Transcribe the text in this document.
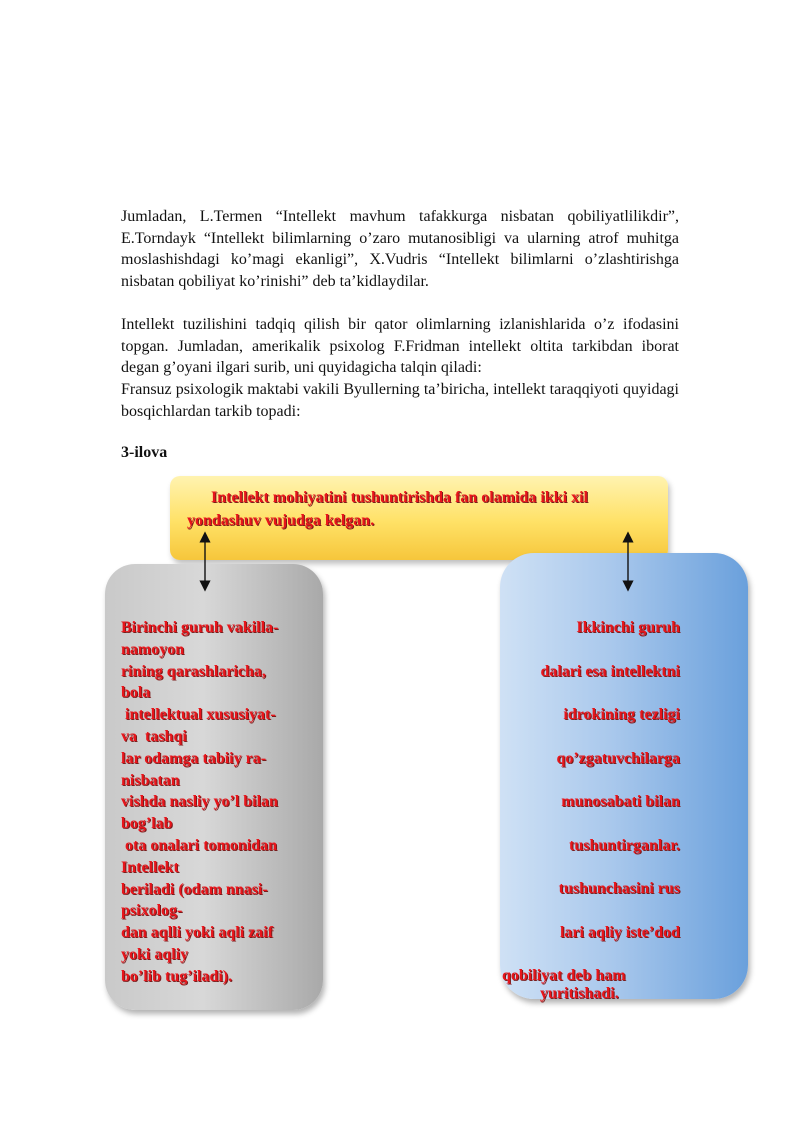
Jumladan, L.Termen “Intellekt mavhum tafakkurga nisbatan qobiliyatlilikdir”, E.Torndayk “Intellekt bilimlarning o’zaro mutanosibligi va ularning atrof muhitga moslashishdagi ko’magi ekanligi”, X.Vudris “Intellekt bilimlarni o’zlashtirishga nisbatan qobiliyat ko’rinishi” deb ta’kidlaydilar.

Intellekt tuzilishini tadqiq qilish bir qator olimlarning izlanishlarida o’z ifodasini topgan. Jumladan, amerikalik psixolog F.Fridman intellekt oltita tarkibdan iborat degan g’oyani ilgari surib, uni quyidagicha talqin qiladi:

Fransuz psixologik maktabi vakili Byullerning ta’biricha, intellekt taraqqiyoti quyidagi bosqichlardan tarkib topadi:

3-ilova

Intellekt mohiyatini tushuntirishda fan olamida ikki xil yondashuv vujudga kelgan.

Birinchi guruh vakilla-
namoyon
rining qarashlaricha,
bola
intellektual xususiyat-
va  tashqi
lar odamga tabiiy ra-
nisbatan
vishda nasliy yo’l bilan
bog’lab
ota onalari tomonidan
Intellekt
beriladi (odam nnasi-
psixolog-
dan aqlli yoki aqli zaif
yoki aqliy
bo’lib tug’iladi).
Ikkinchi guruh
dalari esa intellektni
idrokining tezligi
qo’zgatuvchilarga
munosabati bilan
tushuntirganlar.
tushunchasini rus
lari aqliy iste’dod
qobiliyat deb ham
yuritishadi.
